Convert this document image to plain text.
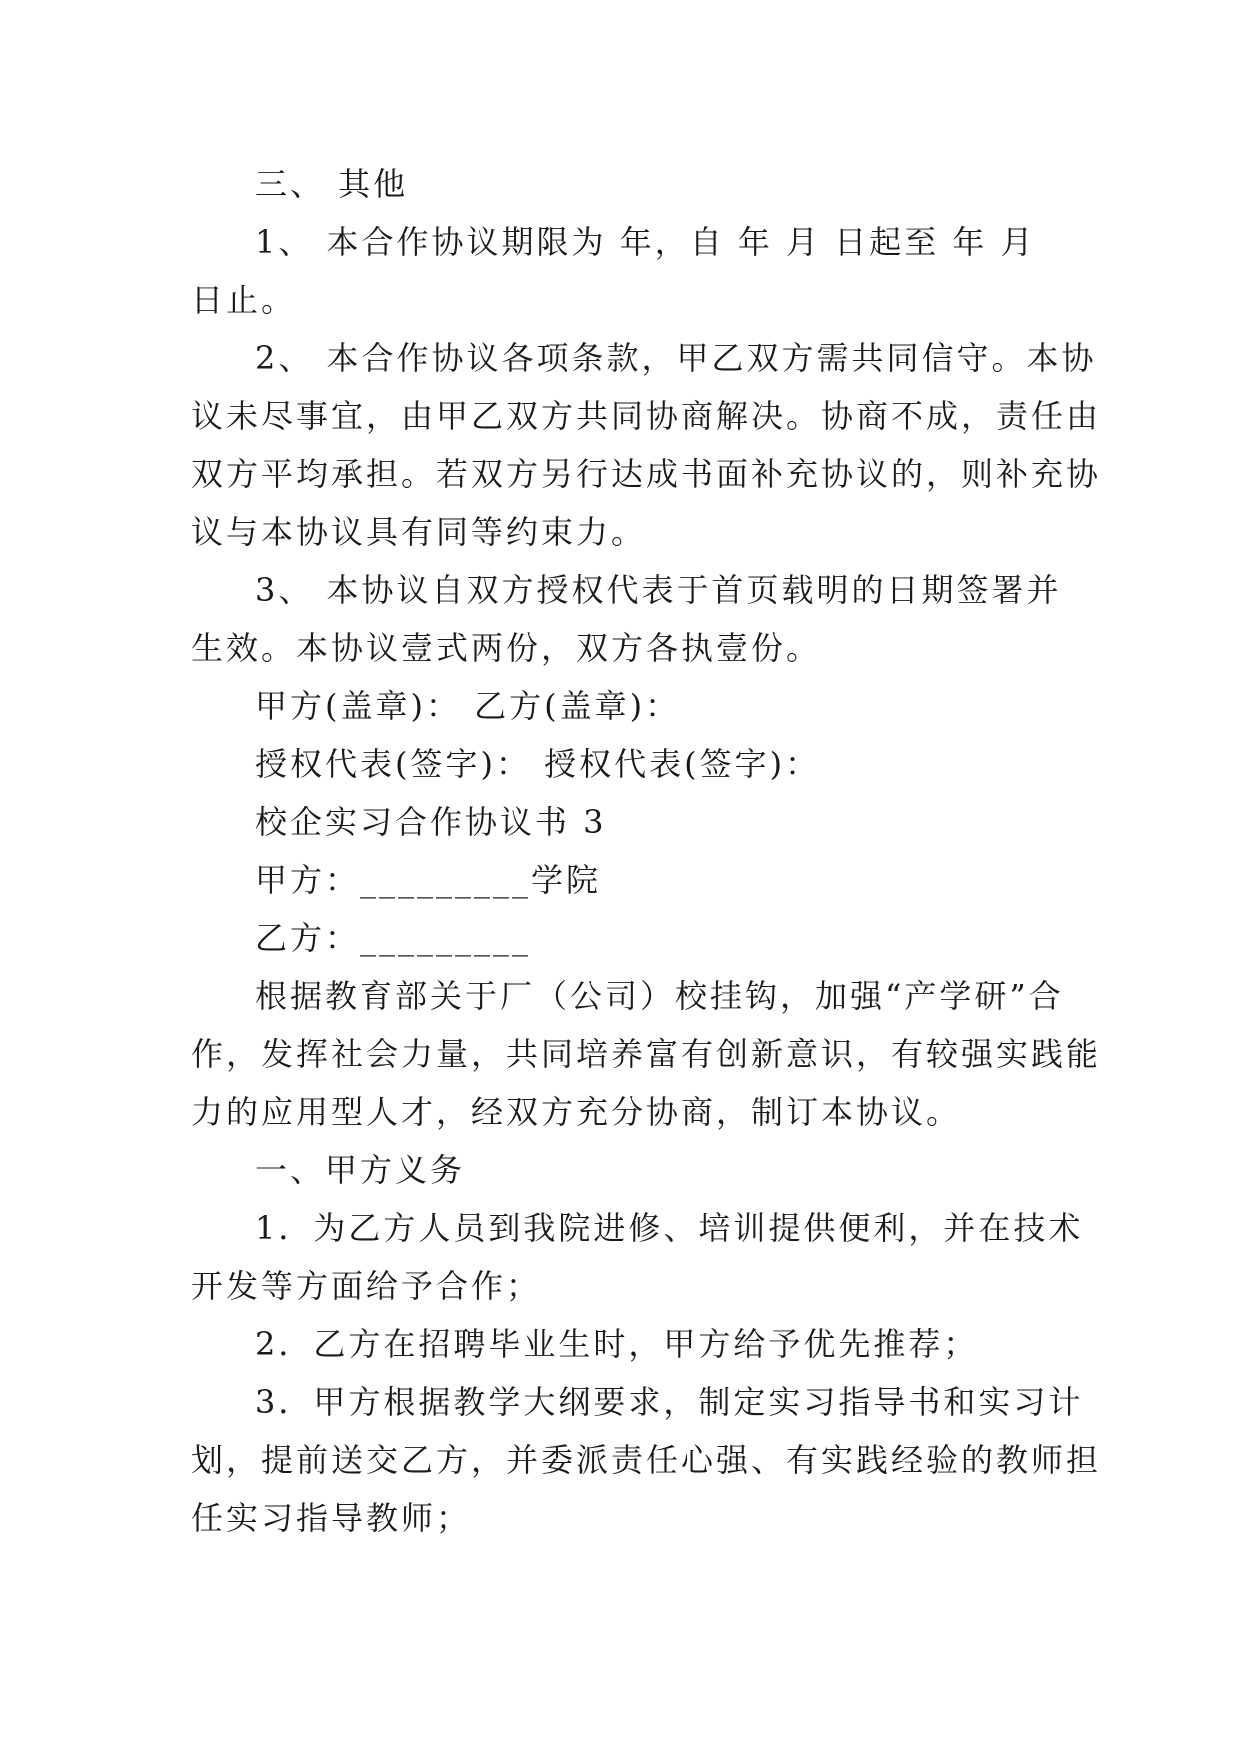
三、 其他
1、 本合作协议期限为 年，自 年 月 日起至 年 月
日止。
2、 本合作协议各项条款，甲乙双方需共同信守。本协
议未尽事宜，由甲乙双方共同协商解决。协商不成，责任由
双方平均承担。若双方另行达成书面补充协议的，则补充协
议与本协议具有同等约束力。
3、 本协议自双方授权代表于首页载明的日期签署并
生效。本协议壹式两份，双方各执壹份。
甲方(盖章)： 乙方(盖章)：
授权代表(签字)： 授权代表(签字)：
校企实习合作协议书 3
甲方：_________学院
乙方：_________
根据教育部关于厂（公司）校挂钩，加强“产学研”合
作，发挥社会力量，共同培养富有创新意识，有较强实践能
力的应用型人才，经双方充分协商，制订本协议。
一、甲方义务
1．为乙方人员到我院进修、培训提供便利，并在技术
开发等方面给予合作；
2．乙方在招聘毕业生时，甲方给予优先推荐；
3．甲方根据教学大纲要求，制定实习指导书和实习计
划，提前送交乙方，并委派责任心强、有实践经验的教师担
任实习指导教师；
